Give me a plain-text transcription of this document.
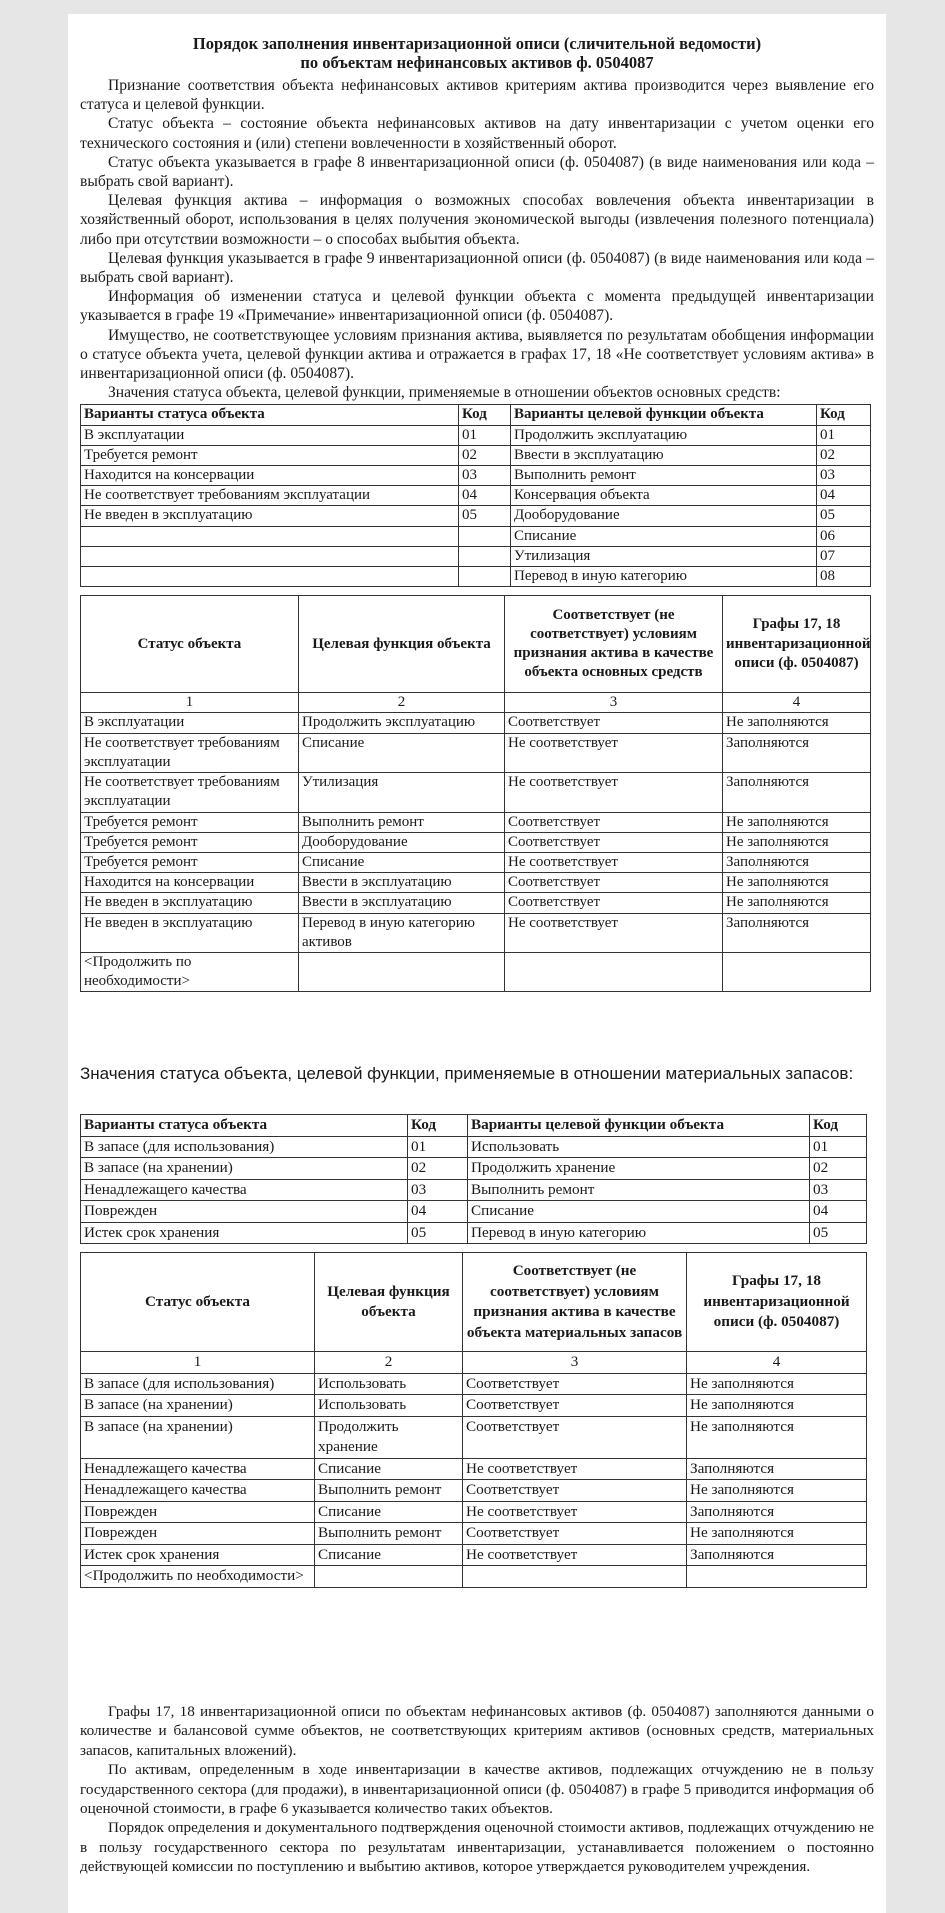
Порядок заполнения инвентаризационной описи (сличительной ведомости)
по объектам нефинансовых активов ф. 0504087

Признание соответствия объекта нефинансовых активов критериям актива производится через выявление его статуса и целевой функции.

Статус объекта – состояние объекта нефинансовых активов на дату инвентаризации с учетом оценки его технического состояния и (или) степени вовлеченности в хозяйственный оборот.

Статус объекта указывается в графе 8 инвентаризационной описи (ф. 0504087) (в виде наименования или кода – выбрать свой вариант).

Целевая функция актива – информация о возможных способах вовлечения объекта инвентаризации в хозяйственный оборот, использования в целях получения экономической выгоды (извлечения полезного потенциала) либо при отсутствии возможности – о способах выбытия объекта.

Целевая функция указывается в графе 9 инвентаризационной описи (ф. 0504087) (в виде наименования или кода – выбрать свой вариант).

Информация об изменении статуса и целевой функции объекта с момента предыдущей инвентаризации указывается в графе 19 «Примечание» инвентаризационной описи (ф. 0504087).

Имущество, не соответствующее условиям признания актива, выявляется по результатам обобщения информации о статусе объекта учета, целевой функции актива и отражается в графах 17, 18 «Не соответствует условиям актива» в инвентаризационной описи (ф. 0504087).

Значения статуса объекта, целевой функции, применяемые в отношении объектов основных средств:

Варианты статуса объекта	Код	Варианты целевой функции объекта	Код
В эксплуатации	01	Продолжить эксплуатацию	01
Требуется ремонт	02	Ввести в эксплуатацию	02
Находится на консервации	03	Выполнить ремонт	03
Не соответствует требованиям эксплуатации	04	Консервация объекта	04
Не введен в эксплуатацию	05	Дооборудование	05
		Списание	06
		Утилизация	07
		Перевод в иную категорию	08
Статус объекта	Целевая функция объекта	Соответствует (не соответствует) условиям признания актива в качестве объекта основных средств	Графы 17, 18 инвентаризационной описи (ф. 0504087)
1	2	3	4
В эксплуатации	Продолжить эксплуатацию	Соответствует	Не заполняются
Не соответствует требованиям эксплуатации	Списание	Не соответствует	Заполняются
Не соответствует требованиям эксплуатации	Утилизация	Не соответствует	Заполняются
Требуется ремонт	Выполнить ремонт	Соответствует	Не заполняются
Требуется ремонт	Дооборудование	Соответствует	Не заполняются
Требуется ремонт	Списание	Не соответствует	Заполняются
Находится на консервации	Ввести в эксплуатацию	Соответствует	Не заполняются
Не введен в эксплуатацию	Ввести в эксплуатацию	Соответствует	Не заполняются
Не введен в эксплуатацию	Перевод в иную категорию активов	Не соответствует	Заполняются
<Продолжить по необходимости>			
Значения статуса объекта, целевой функции, применяемые в отношении материальных запасов:
Варианты статуса объекта	Код	Варианты целевой функции объекта	Код
В запасе (для использования)	01	Использовать	01
В запасе (на хранении)	02	Продолжить хранение	02
Ненадлежащего качества	03	Выполнить ремонт	03
Поврежден	04	Списание	04
Истек срок хранения	05	Перевод в иную категорию	05
Статус объекта	Целевая функция объекта	Соответствует (не соответствует) условиям признания актива в качестве объекта материальных запасов	Графы 17, 18 инвентаризационной описи (ф. 0504087)
1	2	3	4
В запасе (для использования)	Использовать	Соответствует	Не заполняются
В запасе (на хранении)	Использовать	Соответствует	Не заполняются
В запасе (на хранении)	Продолжить хранение	Соответствует	Не заполняются
Ненадлежащего качества	Списание	Не соответствует	Заполняются
Ненадлежащего качества	Выполнить ремонт	Соответствует	Не заполняются
Поврежден	Списание	Не соответствует	Заполняются
Поврежден	Выполнить ремонт	Соответствует	Не заполняются
Истек срок хранения	Списание	Не соответствует	Заполняются
<Продолжить по необходимости>			

Графы 17, 18 инвентаризационной описи по объектам нефинансовых активов (ф. 0504087) заполняются данными о количестве и балансовой сумме объектов, не соответствующих критериям активов (основных средств, материальных запасов, капитальных вложений).

По активам, определенным в ходе инвентаризации в качестве активов, подлежащих отчуждению не в пользу государственного сектора (для продажи), в инвентаризационной описи (ф. 0504087) в графе 5 приводится информация об оценочной стоимости, в графе 6 указывается количество таких объектов.

Порядок определения и документального подтверждения оценочной стоимости активов, подлежащих отчуждению не в пользу государственного сектора по результатам инвентаризации, устанавливается положением о постоянно действующей комиссии по поступлению и выбытию активов, которое утверждается руководителем учреждения.
